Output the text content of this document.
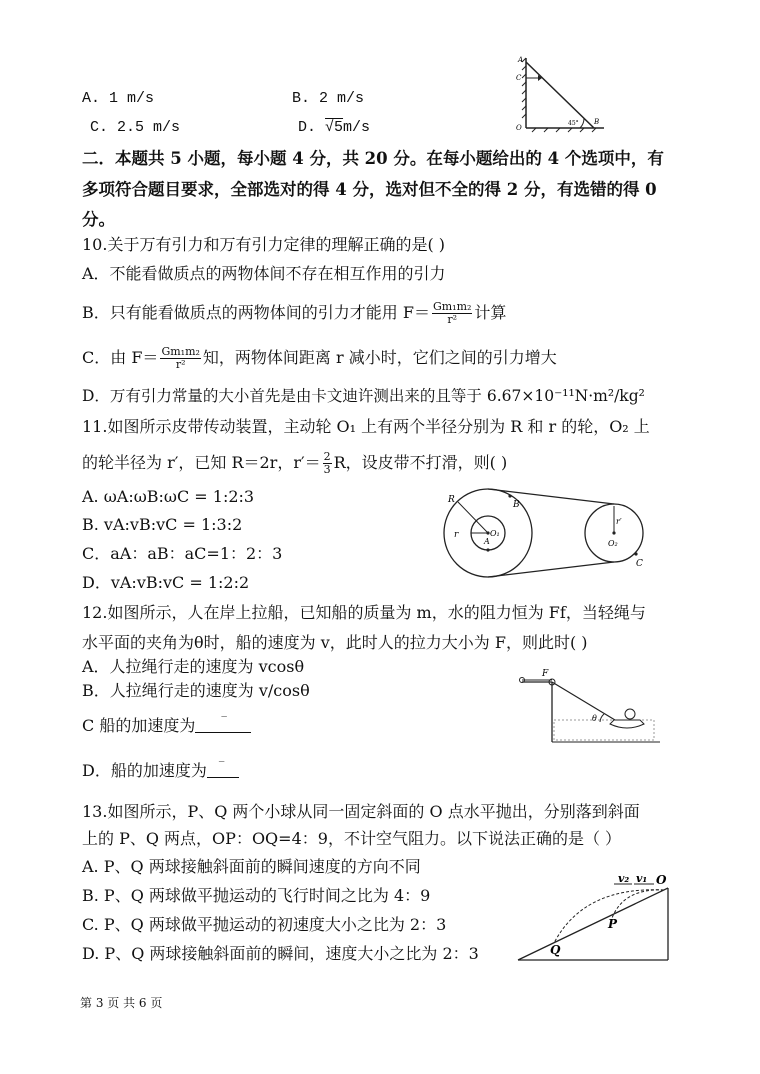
A. 1 m/s	B. 2 m/s
C. 2.5 m/s	D. √5m/s
A
C
O
B
45°
二．本题共 5 小题，每小题 4 分，共 20 分。在每小题给出的 4 个选项中，有
多项符合题目要求，全部选对的得 4 分，选对但不全的得 2 分，有选错的得 0
分。
10.关于万有引力和万有引力定律的理解正确的是( )
A．不能看做质点的两物体间不存在相互作用的引力
B．只有能看做质点的两物体间的引力才能用 $F= \frac{\text{Gm₁m₂}}{\text{r²}}$ 计算
C．由 $F= \frac{\text{Gm₁m₂}}{\text{r²}}$ 知，两物体间距离 r 减小时，它们之间的引力增大
D．万有引力常量的大小首先是由卡文迪许测出来的且等于 6.67×10⁻¹¹N·m²/kg²
11.如图所示皮带传动装置，主动轮 O₁ 上有两个半径分别为 R 和 r 的轮，O₂ 上
的轮半径为 r′，已知 R＝2r，$r'= \frac{2}{3}$ R，设皮带不打滑，则( )
A. ωA:ωB:ωC = 1:2:3
B. vA:vB:vC = 1:3:2
C．aA：aB：aC=1：2：3
D．vA:vB:vC = 1:2:2
R	B
r	O₁
A
r′
O₂
C
12.如图所示，人在岸上拉船，已知船的质量为 m，水的阻力恒为 Ff，当轻绳与
水平面的夹角为θ时，船的速度为 v，此时人的拉力大小为 F，则此时( )
A．人拉绳行走的速度为 vcosθ
B．人拉绳行走的速度为 v/cosθ
C 船的加速度为 ‾
D．船的加速度为 ‾
F
θ
13.如图所示，P、Q 两个小球从同一固定斜面的 O 点水平抛出，分别落到斜面
上的 P、Q 两点，OP：OQ=4：9，不计空气阻力。以下说法正确的是（ ）
A. P、Q 两球接触斜面前的瞬间速度的方向不同
B. P、Q 两球做平抛运动的飞行时间之比为 4：9
C. P、Q 两球做平抛运动的初速度大小之比为 2：3
D. P、Q 两球接触斜面前的瞬间，速度大小之比为 2：3
v₂ v₁ O
P
Q
第 3 页 共 6 页
